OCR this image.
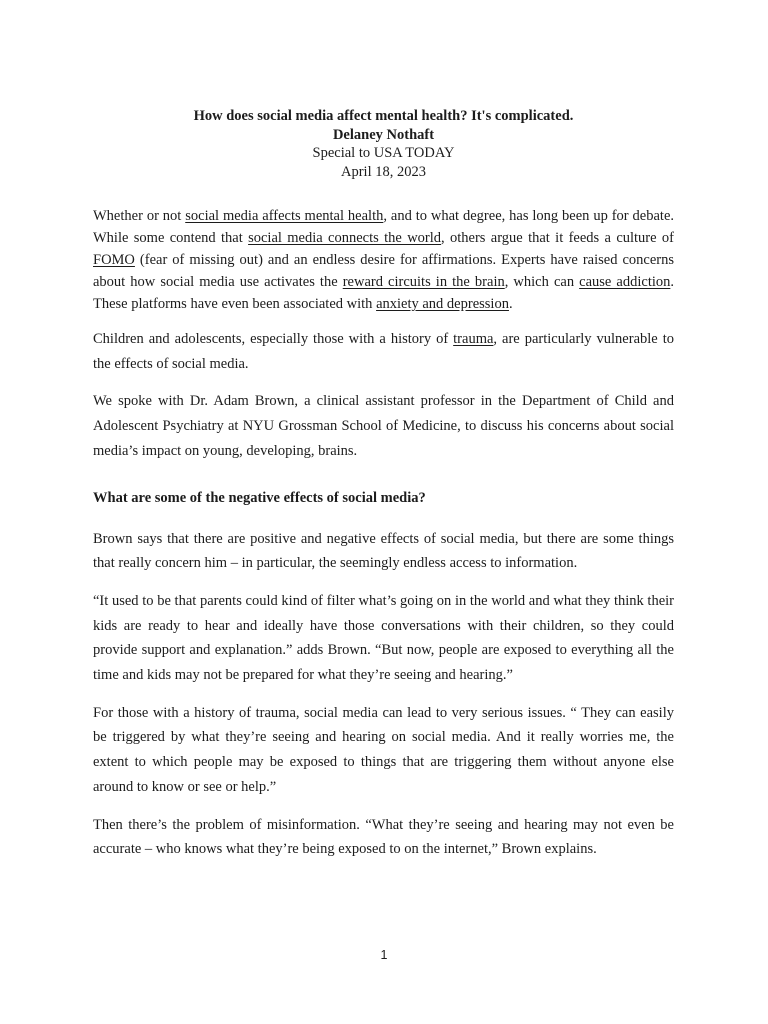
How does social media affect mental health? It's complicated.
Delaney Nothaft
Special to USA TODAY
April 18, 2023

Whether or not social media affects mental health, and to what degree, has long been up for debate. While some contend that social media connects the world, others argue that it feeds a culture of FOMO (fear of missing out) and an endless desire for affirmations. Experts have raised concerns about how social media use activates the reward circuits in the brain, which can cause addiction. These platforms have even been associated with anxiety and depression.

Children and adolescents, especially those with a history of trauma, are particularly vulnerable to the effects of social media.

We spoke with Dr. Adam Brown, a clinical assistant professor in the Department of Child and Adolescent Psychiatry at NYU Grossman School of Medicine, to discuss his concerns about social media’s impact on young, developing, brains.

What are some of the negative effects of social media?

Brown says that there are positive and negative effects of social media, but there are some things that really concern him – in particular, the seemingly endless access to information.

“It used to be that parents could kind of filter what’s going on in the world and what they think their kids are ready to hear and ideally have those conversations with their children, so they could provide support and explanation.” adds Brown. “But now, people are exposed to everything all the time and kids may not be prepared for what they’re seeing and hearing.”

For those with a history of trauma, social media can lead to very serious issues. “ They can easily be triggered by what they’re seeing and hearing on social media. And it really worries me, the extent to which people may be exposed to things that are triggering them without anyone else around to know or see or help.”

Then there’s the problem of misinformation. “What they’re seeing and hearing may not even be accurate – who knows what they’re being exposed to on the internet,” Brown explains.

1
